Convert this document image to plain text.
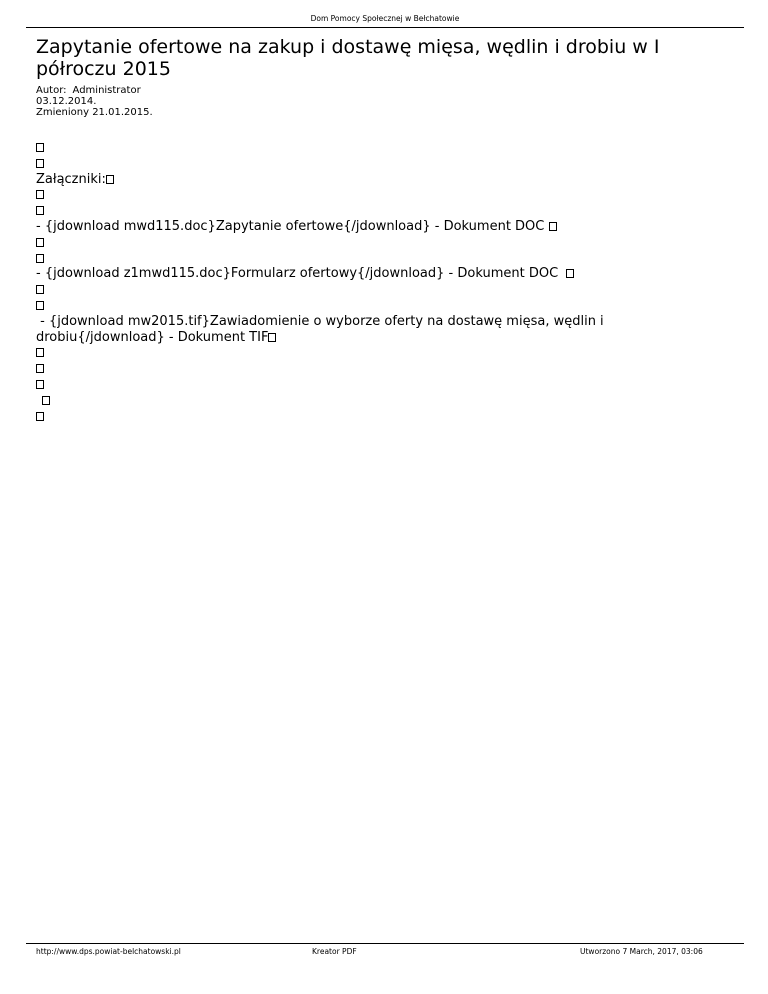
Dom Pomocy Społecznej w Bełchatowie
Zapytanie ofertowe na zakup i dostawę mięsa, wędlin i drobiu w I półroczu 2015
Autor: Administrator
03.12.2014.
Zmieniony 21.01.2015.
Załączniki:
- {jdownload mwd115.doc}Zapytanie ofertowe{/jdownload} - Dokument DOC
- {jdownload z1mwd115.doc}Formularz ofertowy{/jdownload} - Dokument DOC
- {jdownload mw2015.tif}Zawiadomienie o wyborze oferty na dostawę mięsa, wędlin i drobiu{/jdownload} - Dokument TIF
http://www.dps.powiat-belchatowski.pl	Kreator PDF	Utworzono 7 March, 2017, 03:06
